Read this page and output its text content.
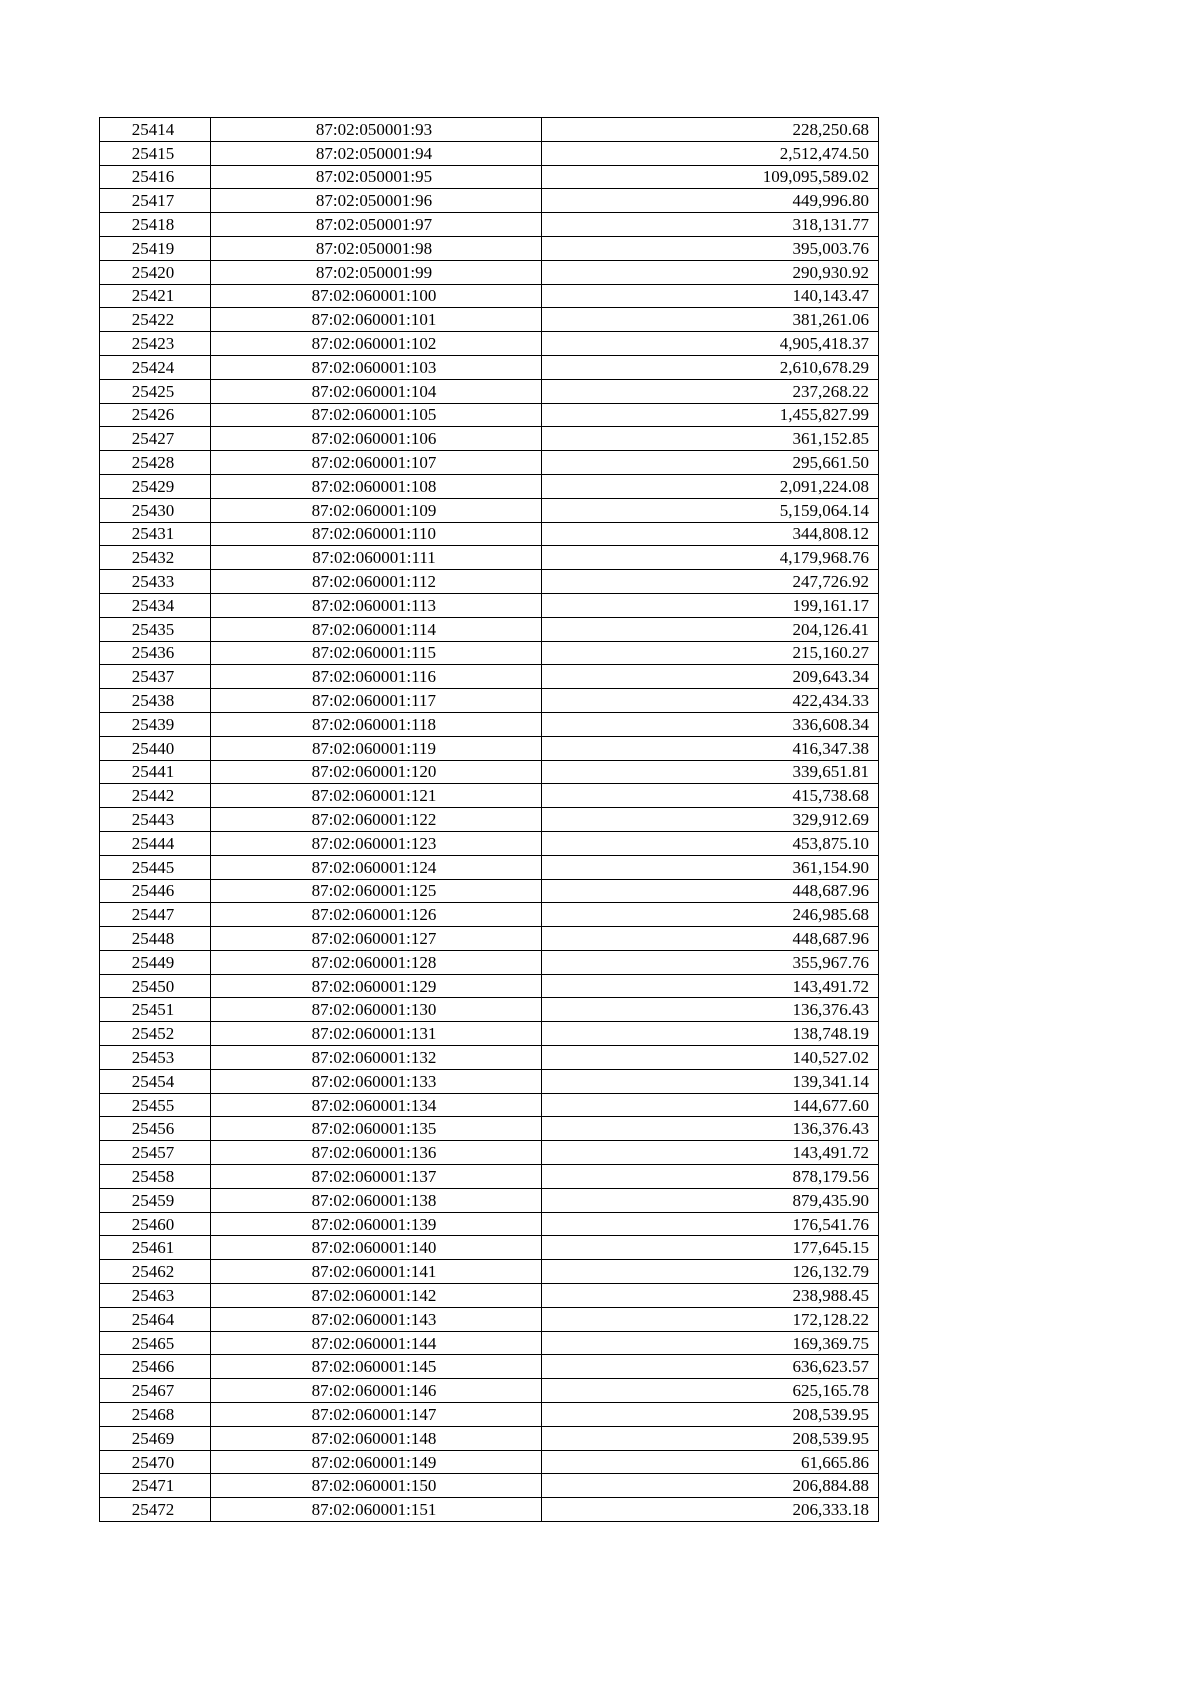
25414	87:02:050001:93	228,250.68
25415	87:02:050001:94	2,512,474.50
25416	87:02:050001:95	109,095,589.02
25417	87:02:050001:96	449,996.80
25418	87:02:050001:97	318,131.77
25419	87:02:050001:98	395,003.76
25420	87:02:050001:99	290,930.92
25421	87:02:060001:100	140,143.47
25422	87:02:060001:101	381,261.06
25423	87:02:060001:102	4,905,418.37
25424	87:02:060001:103	2,610,678.29
25425	87:02:060001:104	237,268.22
25426	87:02:060001:105	1,455,827.99
25427	87:02:060001:106	361,152.85
25428	87:02:060001:107	295,661.50
25429	87:02:060001:108	2,091,224.08
25430	87:02:060001:109	5,159,064.14
25431	87:02:060001:110	344,808.12
25432	87:02:060001:111	4,179,968.76
25433	87:02:060001:112	247,726.92
25434	87:02:060001:113	199,161.17
25435	87:02:060001:114	204,126.41
25436	87:02:060001:115	215,160.27
25437	87:02:060001:116	209,643.34
25438	87:02:060001:117	422,434.33
25439	87:02:060001:118	336,608.34
25440	87:02:060001:119	416,347.38
25441	87:02:060001:120	339,651.81
25442	87:02:060001:121	415,738.68
25443	87:02:060001:122	329,912.69
25444	87:02:060001:123	453,875.10
25445	87:02:060001:124	361,154.90
25446	87:02:060001:125	448,687.96
25447	87:02:060001:126	246,985.68
25448	87:02:060001:127	448,687.96
25449	87:02:060001:128	355,967.76
25450	87:02:060001:129	143,491.72
25451	87:02:060001:130	136,376.43
25452	87:02:060001:131	138,748.19
25453	87:02:060001:132	140,527.02
25454	87:02:060001:133	139,341.14
25455	87:02:060001:134	144,677.60
25456	87:02:060001:135	136,376.43
25457	87:02:060001:136	143,491.72
25458	87:02:060001:137	878,179.56
25459	87:02:060001:138	879,435.90
25460	87:02:060001:139	176,541.76
25461	87:02:060001:140	177,645.15
25462	87:02:060001:141	126,132.79
25463	87:02:060001:142	238,988.45
25464	87:02:060001:143	172,128.22
25465	87:02:060001:144	169,369.75
25466	87:02:060001:145	636,623.57
25467	87:02:060001:146	625,165.78
25468	87:02:060001:147	208,539.95
25469	87:02:060001:148	208,539.95
25470	87:02:060001:149	61,665.86
25471	87:02:060001:150	206,884.88
25472	87:02:060001:151	206,333.18
